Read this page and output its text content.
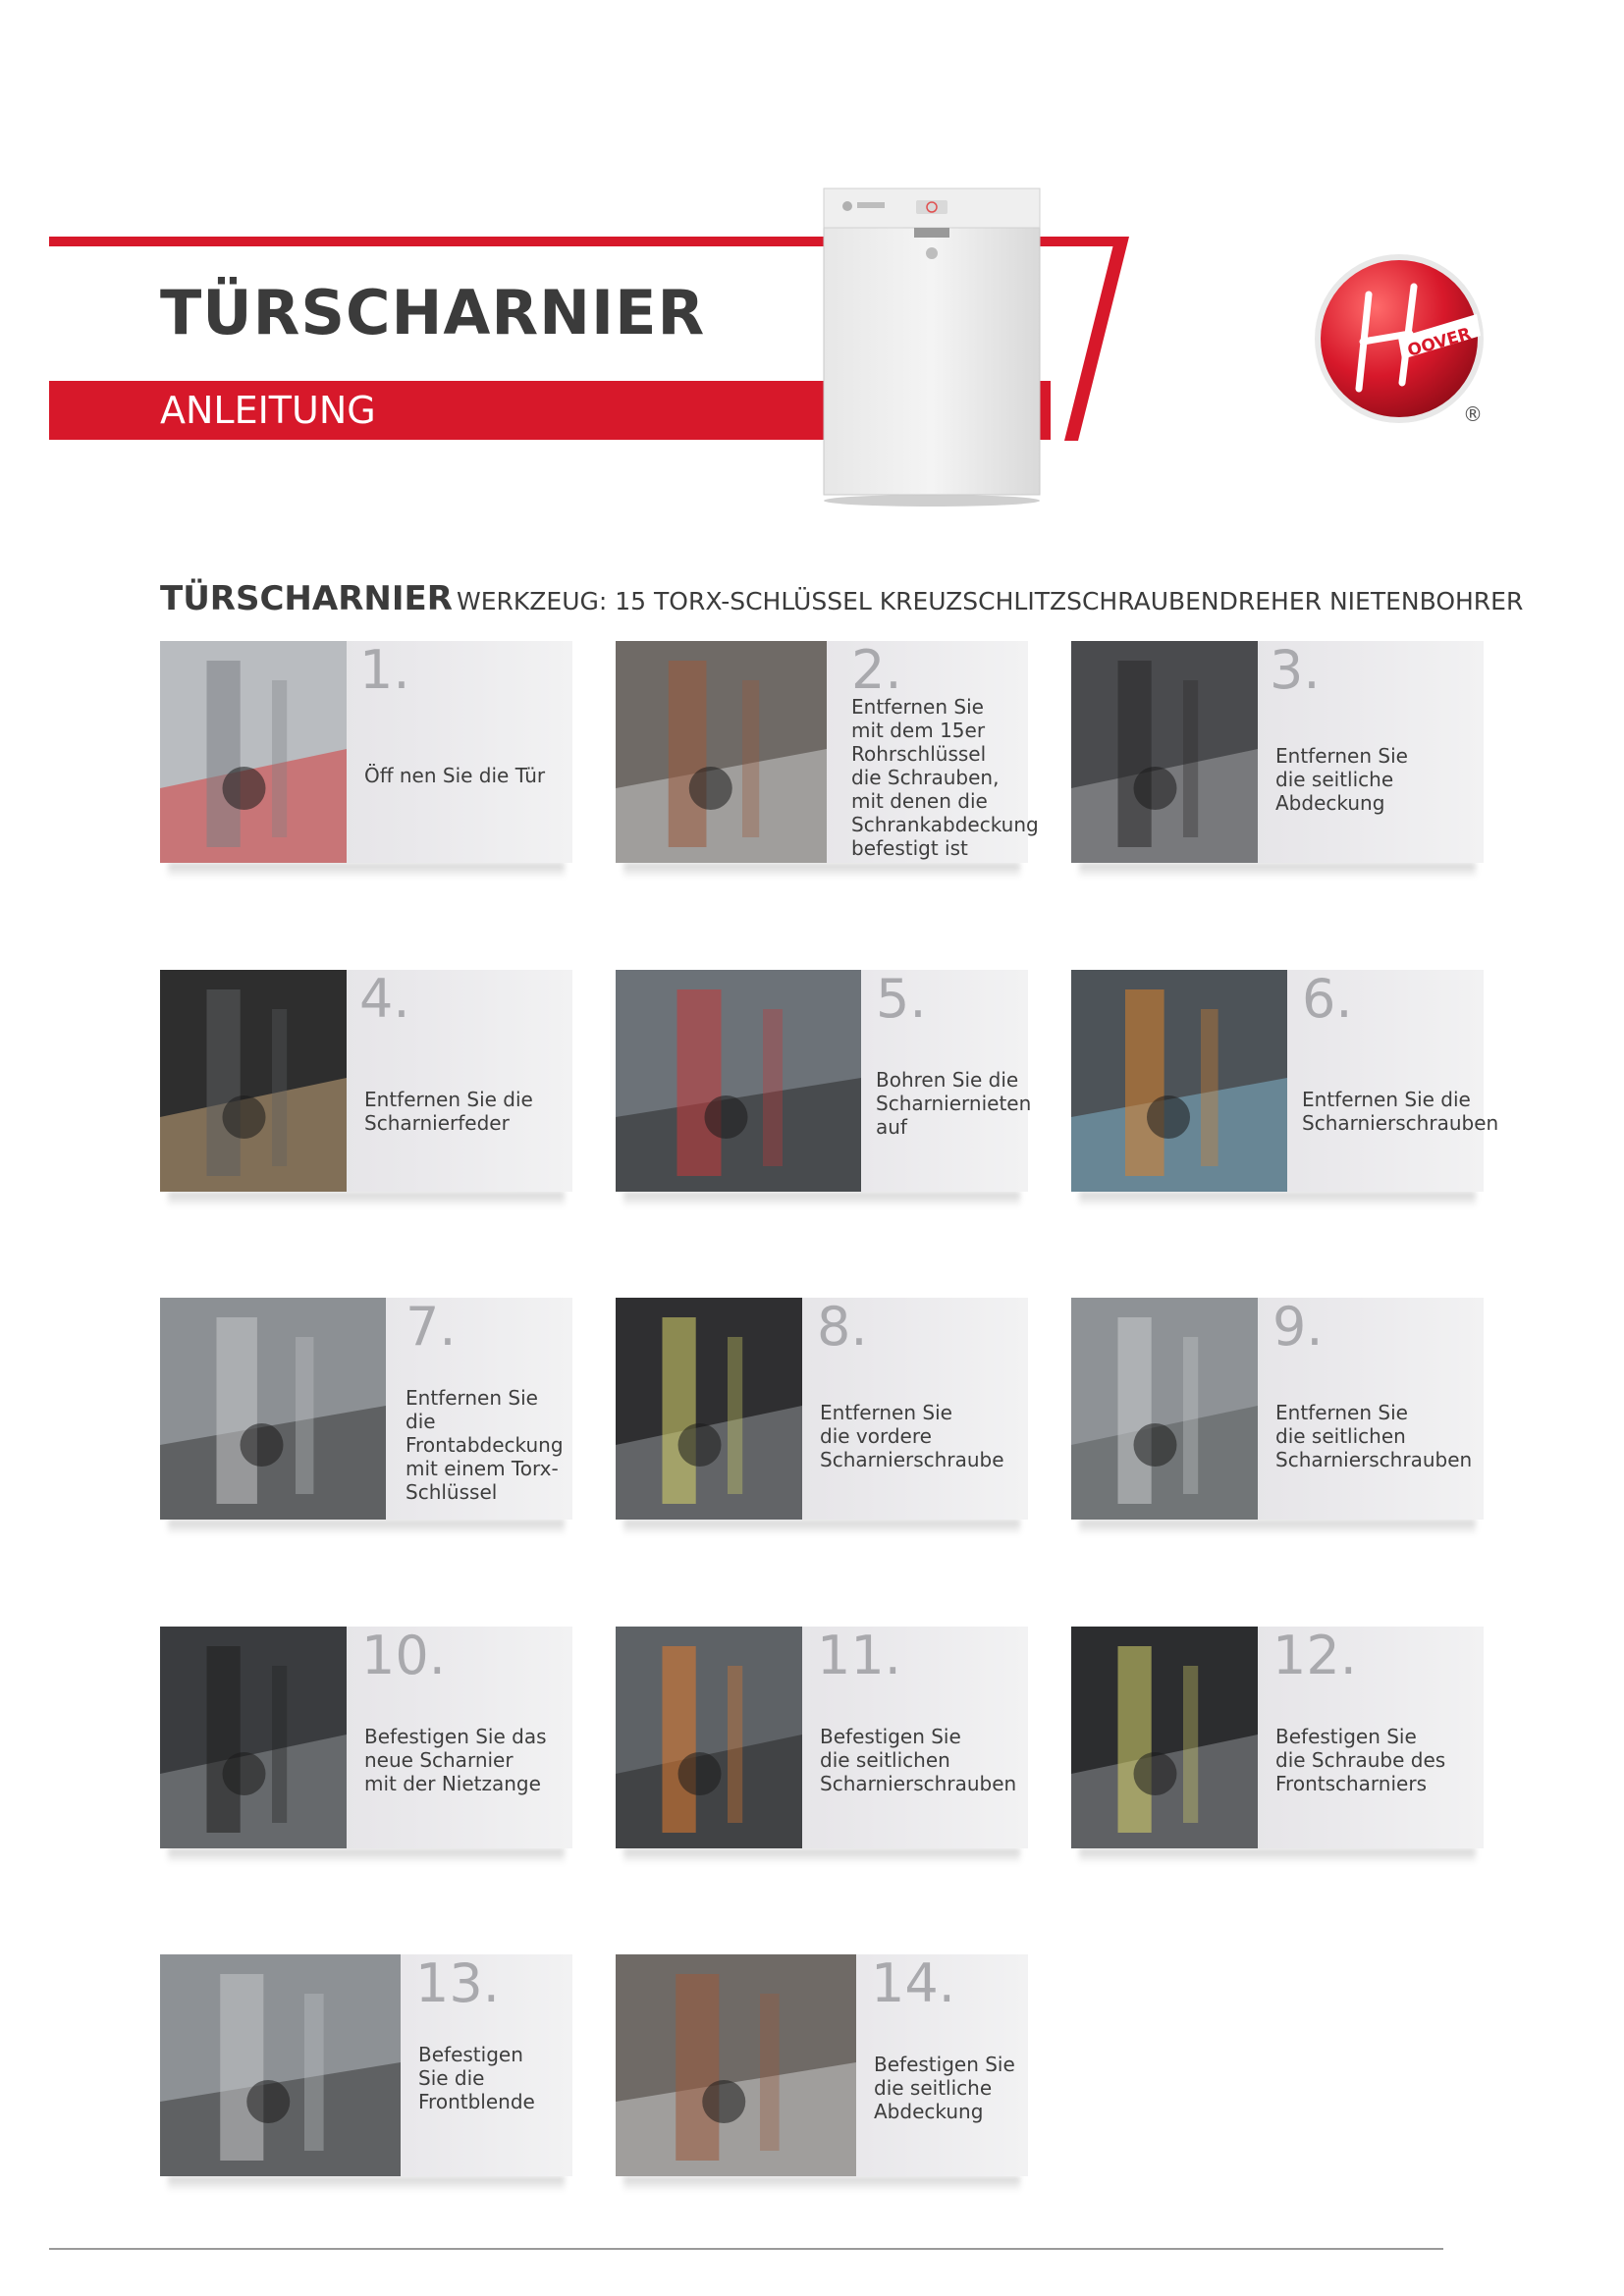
TÜRSCHARNIER
ANLEITUNG
OOVER
®
TÜRSCHARNIER WERKZEUG: 15 TORX-SCHLÜSSEL KREUZSCHLITZSCHRAUBENDREHER NIETENBOHRER
1.
Öff nen Sie die Tür
2.
Entfernen Sie
mit dem 15er
Rohrschlüssel
die Schrauben,
mit denen die
Schrankabdeckung
befestigt ist
3.
Entfernen Sie
die seitliche
Abdeckung
4.
Entfernen Sie die
Scharnierfeder
5.
Bohren Sie die
Scharniernieten
auf
6.
Entfernen Sie die
Scharnierschrauben
7.
Entfernen Sie die
Frontabdeckung
mit einem Torx-
Schlüssel
8.
Entfernen Sie
die vordere
Scharnierschraube
9.
Entfernen Sie
die seitlichen
Scharnierschrauben
10.
Befestigen Sie das
neue Scharnier
mit der Nietzange
11.
Befestigen Sie
die seitlichen
Scharnierschrauben
12.
Befestigen Sie
die Schraube des
Frontscharniers
13.
Befestigen
Sie die
Frontblende
14.
Befestigen Sie
die seitliche
Abdeckung
